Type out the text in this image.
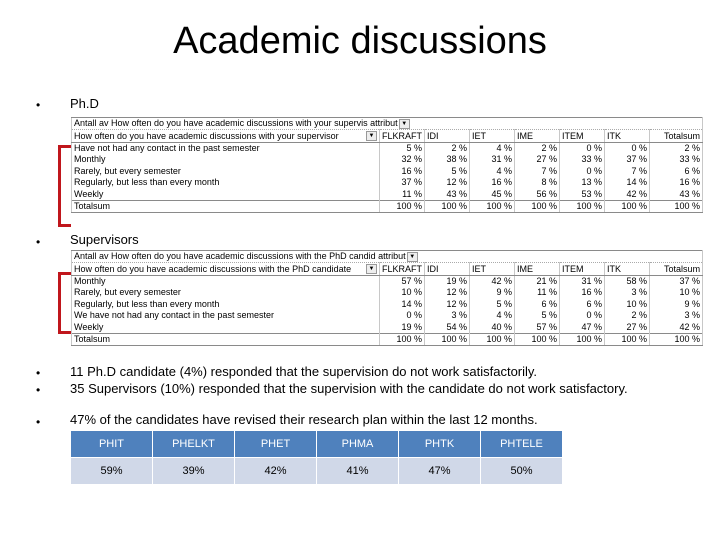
Academic discussions
• Ph.D
Antall av How often do you have academic discussions with your supervis attribut ▼							
How often do you have academic discussions with your supervisor ▼	FLKRAFT	IDI	IET	IME	ITEM	ITK	Totalsum
Have not had any contact in the past semester	5 %	2 %	4 %	2 %	0 %	0 %	2 %
Monthly	32 %	38 %	31 %	27 %	33 %	37 %	33 %
Rarely, but every semester	16 %	5 %	4 %	7 %	0 %	7 %	6 %
Regularly, but less than every month	37 %	12 %	16 %	8 %	13 %	14 %	16 %
Weekly	11 %	43 %	45 %	56 %	53 %	42 %	43 %
Totalsum	100 %	100 %	100 %	100 %	100 %	100 %	100 %
• Supervisors
Antall av How often do you have academic discussions with the PhD candid attribut ▼							
How often do you have academic discussions with the PhD candidate ▼	FLKRAFT	IDI	IET	IME	ITEM	ITK	Totalsum
Monthly	57 %	19 %	42 %	21 %	31 %	58 %	37 %
Rarely, but every semester	10 %	12 %	9 %	11 %	16 %	3 %	10 %
Regularly, but less than every month	14 %	12 %	5 %	6 %	6 %	10 %	9 %
We have not had any contact in the past semester	0 %	3 %	4 %	5 %	0 %	2 %	3 %
Weekly	19 %	54 %	40 %	57 %	47 %	27 %	42 %
Totalsum	100 %	100 %	100 %	100 %	100 %	100 %	100 %
• 11 Ph.D candidate (4%) responded that the supervision do not work satisfactorily.
• 35 Supervisors (10%) responded that the supervision with the candidate do not work satisfactory.
• 47% of the candidates have revised their research plan within the last 12 months.
PHIT	PHELKT	PHET	PHMA	PHTK	PHTELE
59%	39%	42%	41%	47%	50%
